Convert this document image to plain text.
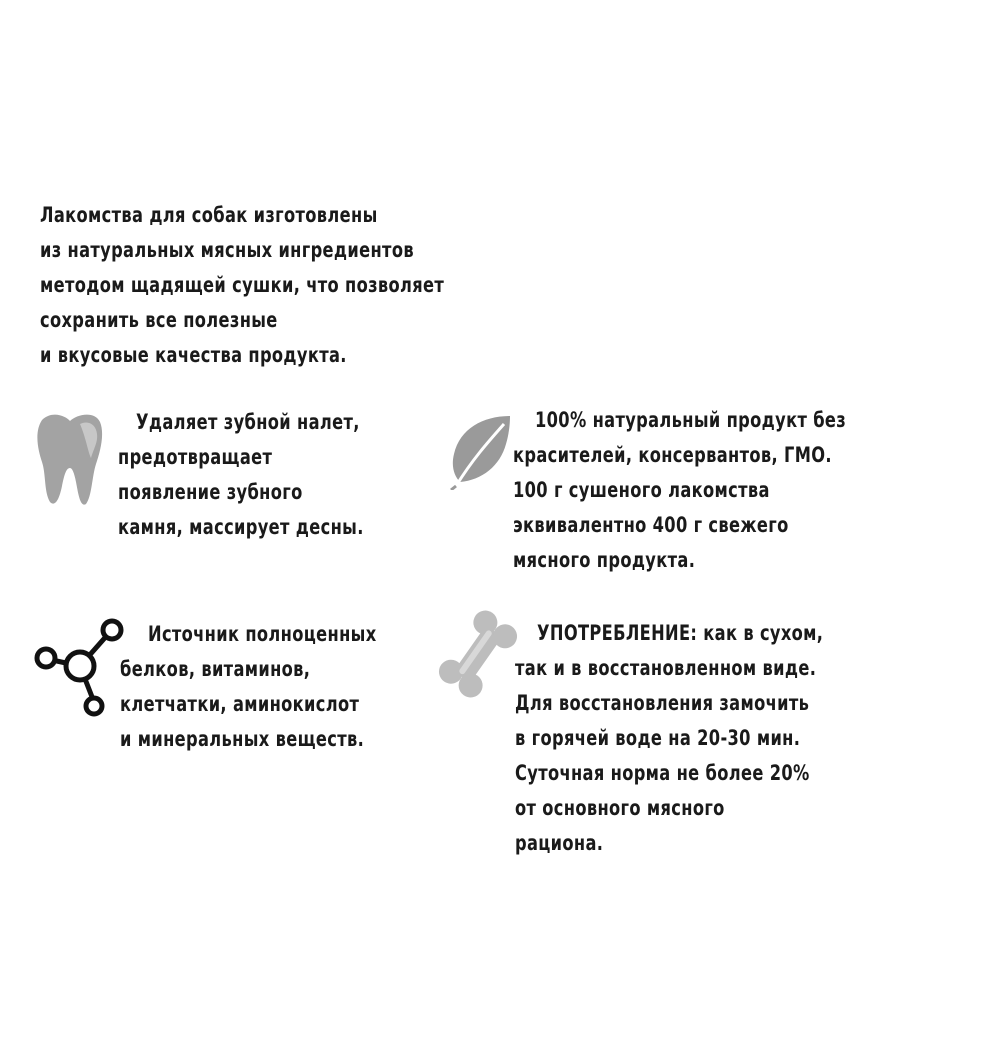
Лакомства для собак изготовлены
из натуральных мясных ингредиентов
методом щадящей сушки, что позволяет
сохранить все полезные
и вкусовые качества продукта.
Удаляет зубной налет,
предотвращает
появление зубного
камня, массирует десны.
100% натуральный продукт без
красителей, консервантов, ГМО.
100 г сушеного лакомства
эквивалентно 400 г свежего
мясного продукта.
Источник полноценных
белков, витаминов,
клетчатки, аминокислот
и минеральных веществ.
УПОТРЕБЛЕНИЕ: как в сухом,
так и в восстановленном виде.
Для восстановления замочить
в горячей воде на 20-30 мин.
Суточная норма не более 20%
от основного мясного
рациона.
